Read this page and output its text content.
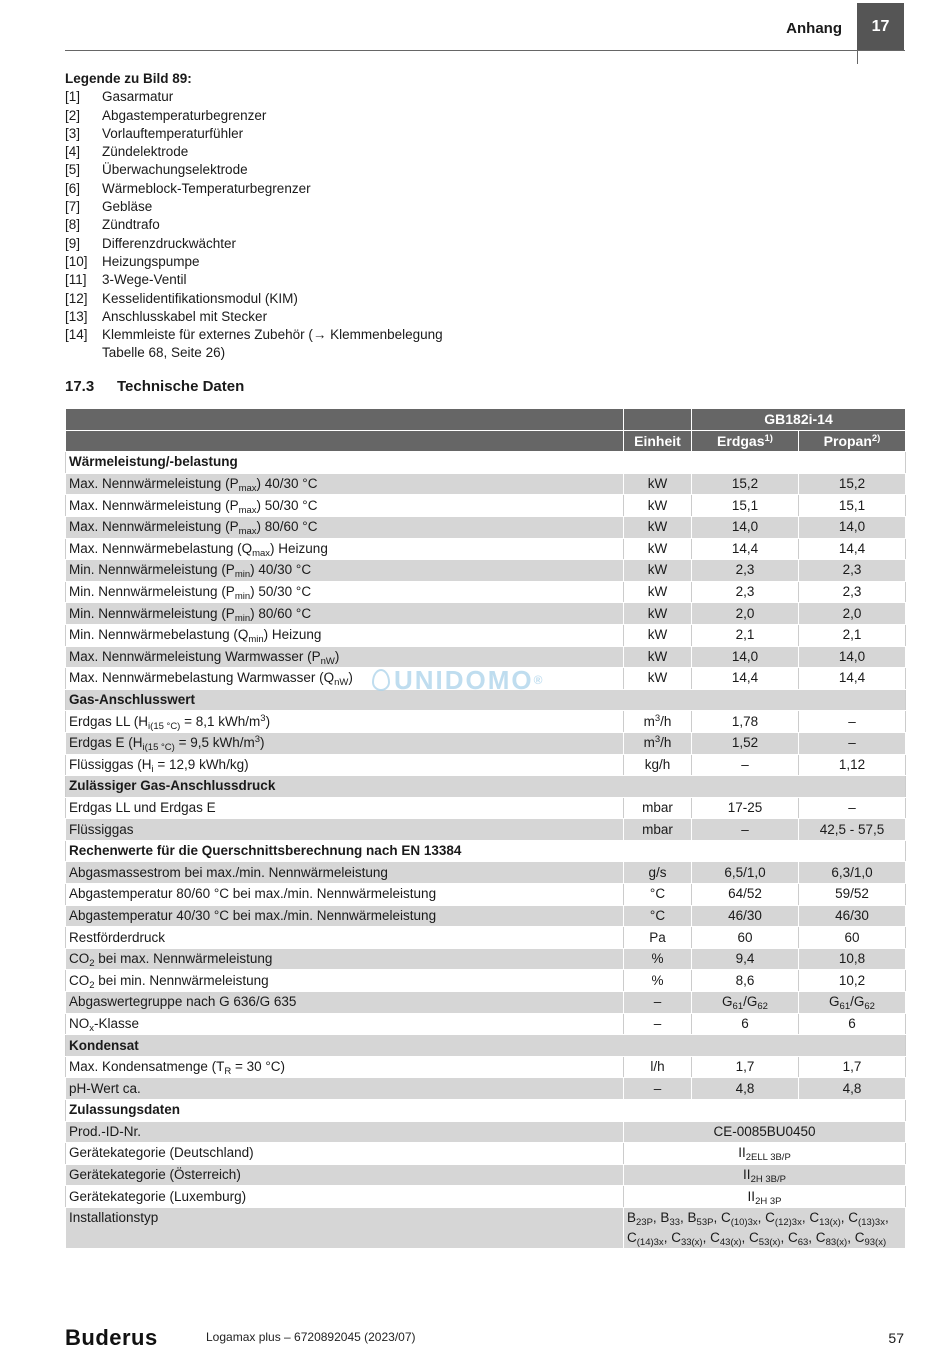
Anhang	17
Legende zu Bild 89:
[1]	Gasarmatur
[2]	Abgastemperaturbegrenzer
[3]	Vorlauftemperaturfühler
[4]	Zündelektrode
[5]	Überwachungselektrode
[6]	Wärmeblock-Temperaturbegrenzer
[7]	Gebläse
[8]	Zündtrafo
[9]	Differenzdruckwächter
[10]	Heizungspumpe
[11]	3-Wege-Ventil
[12]	Kesselidentifikationsmodul (KIM)
[13]	Anschlusskabel mit Stecker
[14]	Klemmleiste für externes Zubehör (→ Klemmenbelegung Tabelle 68, Seite 26)
17.3 Technische Daten
		GB182i-14	
	Einheit	Erdgas$^{1)}$	Propan$^{2)}$
Wärmeleistung/-belastung			
Max. Nennwärmeleistung $(P_{max})$ 40/30 °C	kW	15,2	15,2
Max. Nennwärmeleistung $(P_{max})$ 50/30 °C	kW	15,1	15,1
Max. Nennwärmeleistung $(P_{max})$ 80/60 °C	kW	14,0	14,0
Max. Nennwärmebelastung $(Q_{max})$ Heizung	kW	14,4	14,4
Min. Nennwärmeleistung $(P_{min})$ 40/30 °C	kW	2,3	2,3
Min. Nennwärmeleistung $(P_{min})$ 50/30 °C	kW	2,3	2,3
Min. Nennwärmeleistung $(P_{min})$ 80/60 °C	kW	2,0	2,0
Min. Nennwärmebelastung $(Q_{min})$ Heizung	kW	2,1	2,1
Max. Nennwärmeleistung Warmwasser $(P_{nW})$	kW	14,0	14,0
Max. Nennwärmebelastung Warmwasser $(Q_{nW})$	kW	14,4	14,4
Gas-Anschlusswert			
Erdgas LL ($H_{i(15 ^\circ C)} = 8,1$ kWh/$m^3$)	$m^3/h$	1,78	–
Erdgas E ($H_{i(15 ^\circ C)} = 9,5$ kWh/$m^3$)	$m^3/h$	1,52	–
Flüssiggas ($H_i = 12,9$ kWh/kg)	kg/h	–	1,12
Zulässiger Gas-Anschlussdruck			
Erdgas LL und Erdgas E	mbar	17-25	–
Flüssiggas	mbar	–	42,5 - 57,5
Rechenwerte für die Querschnittsberechnung nach EN 13384			
Abgasmassestrom bei max./min. Nennwärmeleistung	g/s	6,5/1,0	6,3/1,0
Abgastemperatur 80/60 °C bei max./min. Nennwärmeleistung	°C	64/52	59/52
Abgastemperatur 40/30 °C bei max./min. Nennwärmeleistung	°C	46/30	46/30
Restförderdruck	Pa	60	60
$CO_2$ bei max. Nennwärmeleistung	%	9,4	10,8
$CO_2$ bei min. Nennwärmeleistung	%	8,6	10,2
Abgaswertegruppe nach G 636/G 635	–	$G_{61}/G_{62}$	$G_{61}/G_{62}$
$NO_x$-Klasse	–	6	6
Kondensat			
Max. Kondensatmenge ($T_R = 30$ °C)	l/h	1,7	1,7
pH-Wert ca.	–	4,8	4,8
Zulassungsdaten			
Prod.-ID-Nr.	CE-0085BU0450		
Gerätekategorie (Deutschland)	$II_{2ELL 3B/P}$
Gerätekategorie (Österreich)	$II_{2H 3B/P}$
Gerätekategorie (Luxemburg)	$II_{2H 3P}$
Installationstyp	$B_{23P}$, $B_{33}$, $B_{53P}$, $C_{(10)3x}$, $C_{(12)3x}$, $C_{13(x)}$, $C_{(13)3x}$,
$C_{(14)3x}$, $C_{33(x)}$, $C_{43(x)}$, $C_{53(x)}$, $C_{63}$, $C_{83(x)}$, $C_{93(x)}$
UNIDOMO®
Buderus	Logamax plus – 6720892045 (2023/07)	57
